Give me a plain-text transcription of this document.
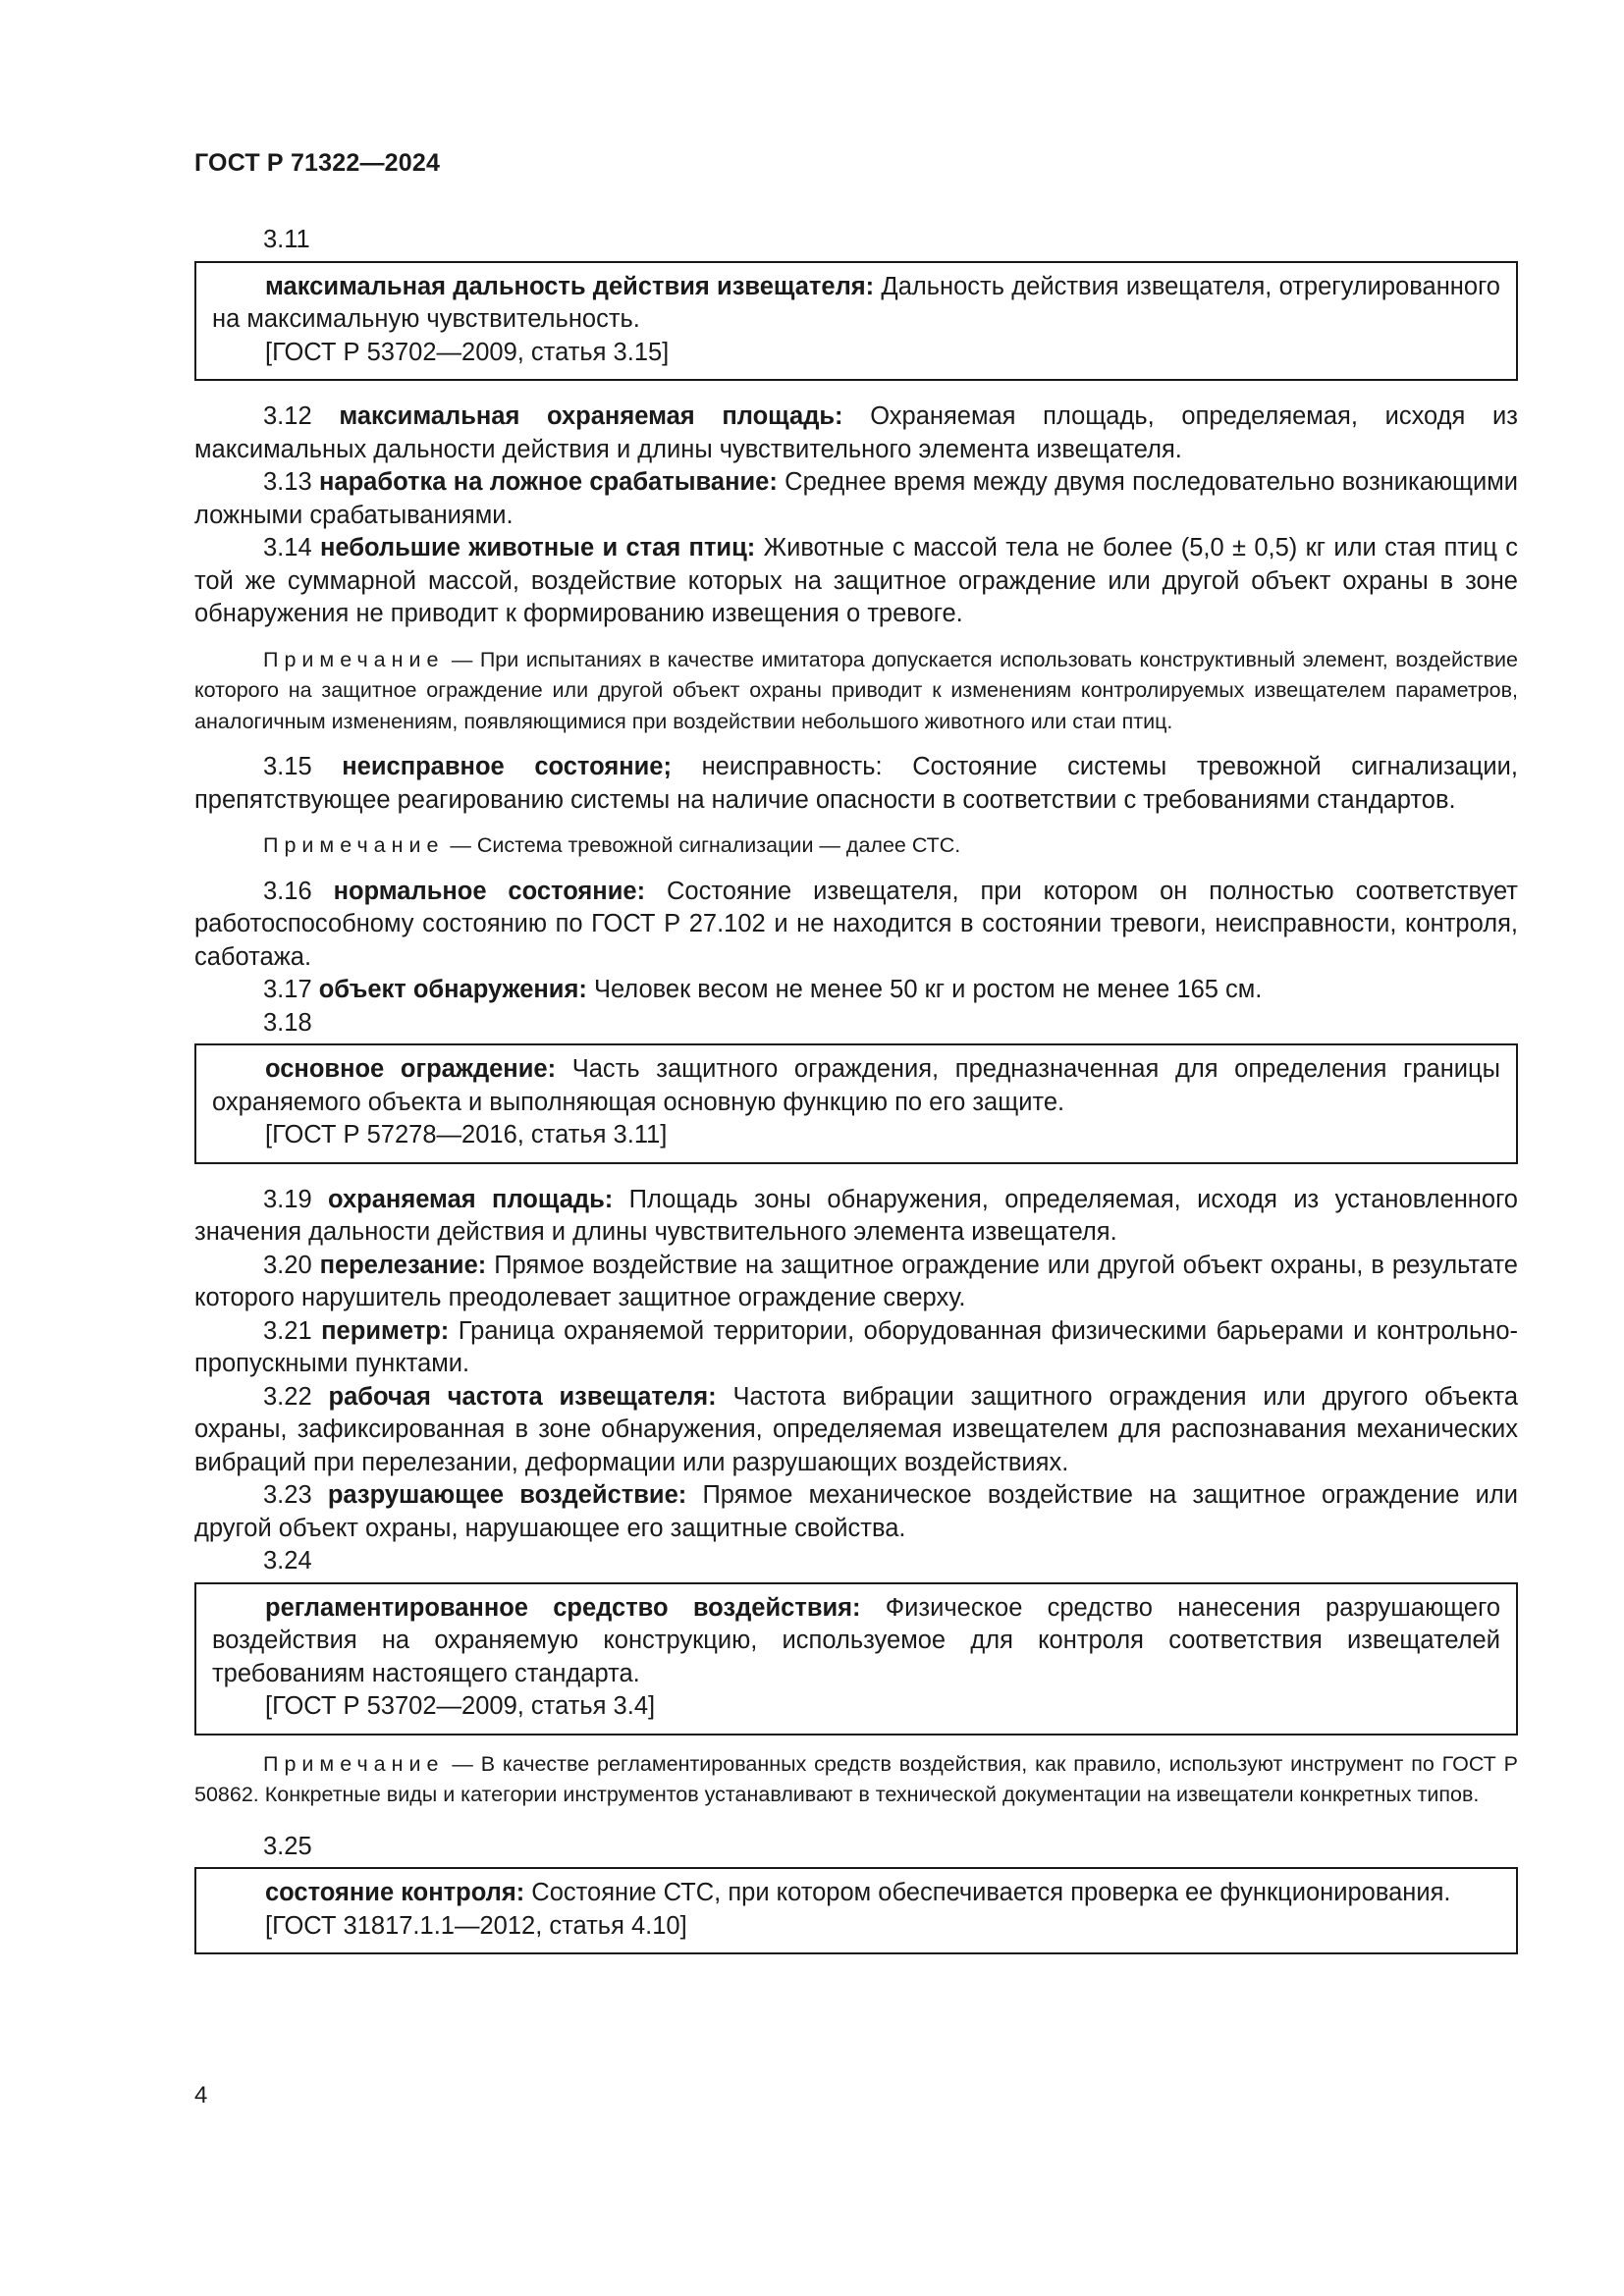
ГОСТ Р 71322—2024
3.11

максимальная дальность действия извещателя: Дальность действия извещателя, отрегулированного на максимальную чувствительность.

[ГОСТ Р 53702—2009, статья 3.15]

3.12 максимальная охраняемая площадь: Охраняемая площадь, определяемая, исходя из максимальных дальности действия и длины чувствительного элемента извещателя.

3.13 наработка на ложное срабатывание: Среднее время между двумя последовательно возникающими ложными срабатываниями.

3.14 небольшие животные и стая птиц: Животные с массой тела не более (5,0 ± 0,5) кг или стая птиц с той же суммарной массой, воздействие которых на защитное ограждение или другой объект охраны в зоне обнаружения не приводит к формированию извещения о тревоге.

Примечание — При испытаниях в качестве имитатора допускается использовать конструктивный элемент, воздействие которого на защитное ограждение или другой объект охраны приводит к изменениям контролируемых извещателем параметров, аналогичным изменениям, появляющимися при воздействии небольшого животного или стаи птиц.

3.15 неисправное состояние; неисправность: Состояние системы тревожной сигнализации, препятствующее реагированию системы на наличие опасности в соответствии с требованиями стандартов.

Примечание — Система тревожной сигнализации — далее СТС.

3.16 нормальное состояние: Состояние извещателя, при котором он полностью соответствует работоспособному состоянию по ГОСТ Р 27.102 и не находится в состоянии тревоги, неисправности, контроля, саботажа.

3.17 объект обнаружения: Человек весом не менее 50 кг и ростом не менее 165 см.

3.18

основное ограждение: Часть защитного ограждения, предназначенная для определения границы охраняемого объекта и выполняющая основную функцию по его защите.

[ГОСТ Р 57278—2016, статья 3.11]

3.19 охраняемая площадь: Площадь зоны обнаружения, определяемая, исходя из установленного значения дальности действия и длины чувствительного элемента извещателя.

3.20 перелезание: Прямое воздействие на защитное ограждение или другой объект охраны, в результате которого нарушитель преодолевает защитное ограждение сверху.

3.21 периметр: Граница охраняемой территории, оборудованная физическими барьерами и контрольно-пропускными пунктами.

3.22 рабочая частота извещателя: Частота вибрации защитного ограждения или другого объекта охраны, зафиксированная в зоне обнаружения, определяемая извещателем для распознавания механических вибраций при перелезании, деформации или разрушающих воздействиях.

3.23 разрушающее воздействие: Прямое механическое воздействие на защитное ограждение или другой объект охраны, нарушающее его защитные свойства.

3.24

регламентированное средство воздействия: Физическое средство нанесения разрушающего воздействия на охраняемую конструкцию, используемое для контроля соответствия извещателей требованиям настоящего стандарта.

[ГОСТ Р 53702—2009, статья 3.4]

Примечание — В качестве регламентированных средств воздействия, как правило, используют инструмент по ГОСТ Р 50862. Конкретные виды и категории инструментов устанавливают в технической документации на извещатели конкретных типов.

3.25

состояние контроля: Состояние СТС, при котором обеспечивается проверка ее функционирования.

[ГОСТ 31817.1.1—2012, статья 4.10]
4
